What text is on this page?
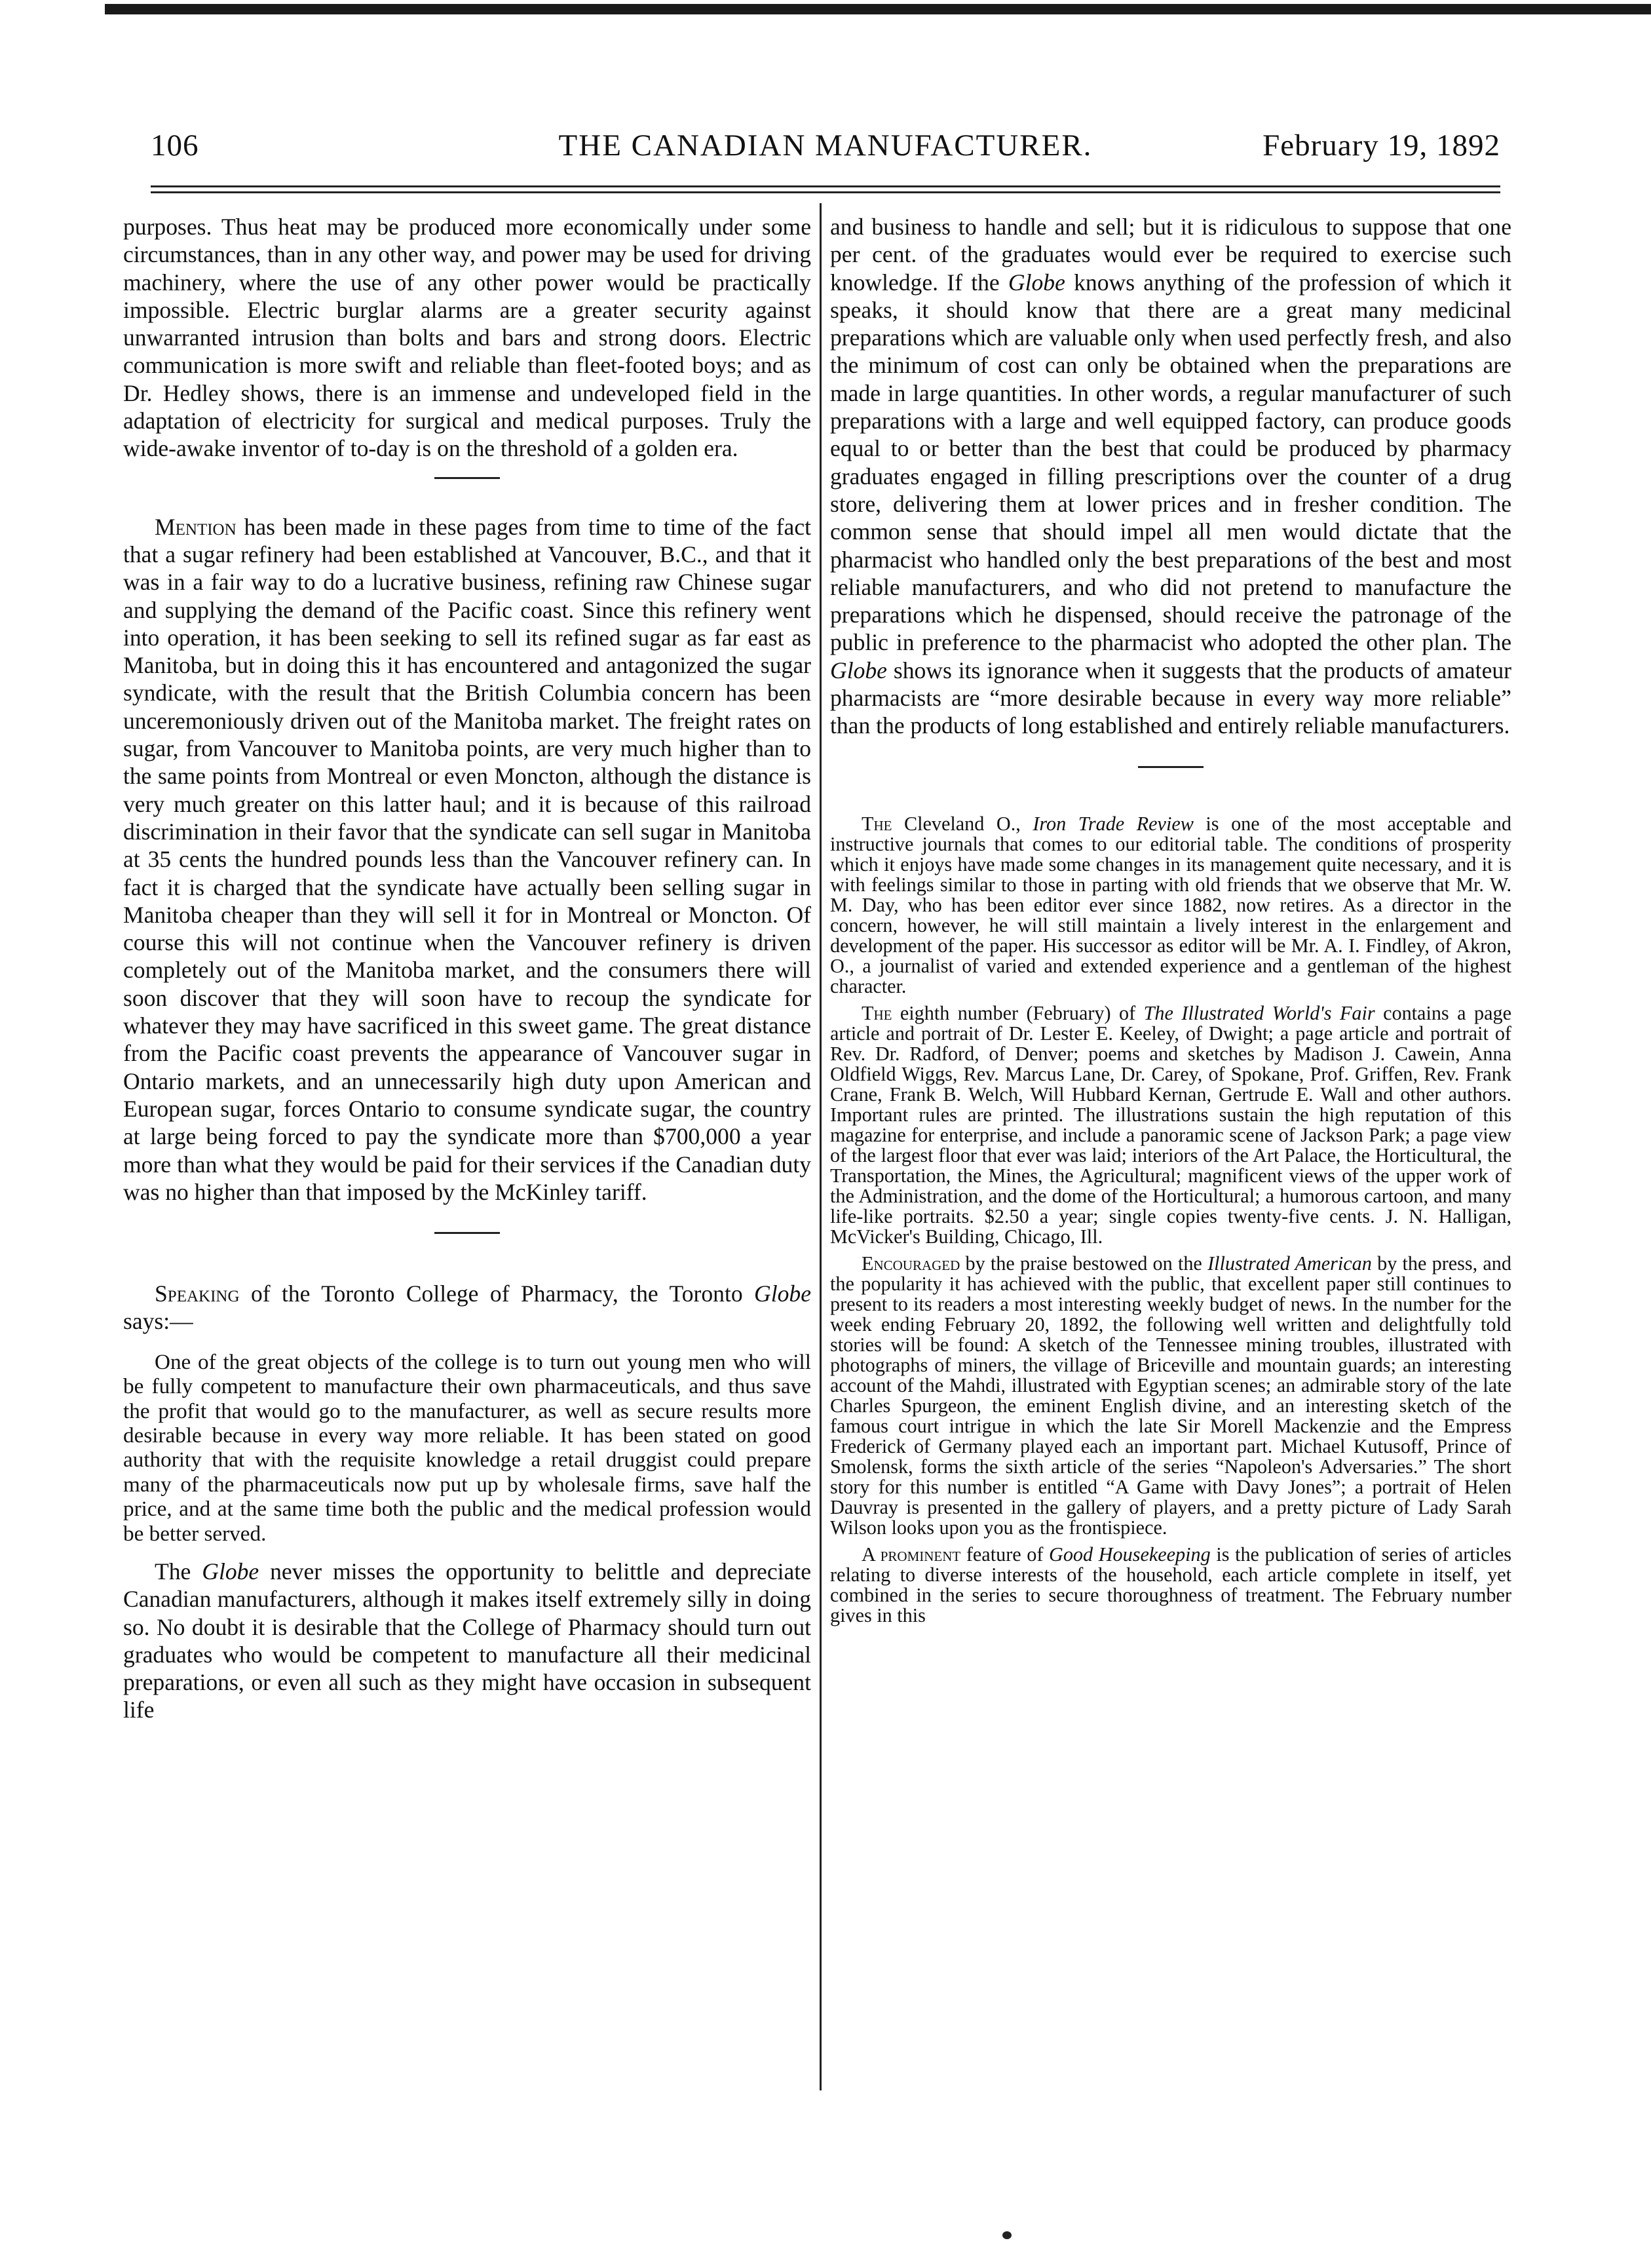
106	THE CANADIAN MANUFACTURER.	February 19, 1892

purposes. Thus heat may be produced more economically under some circumstances, than in any other way, and power may be used for driving machinery, where the use of any other power would be practically impossible. Electric burglar alarms are a greater security against unwarranted intrusion than bolts and bars and strong doors. Electric communication is more swift and reliable than fleet-footed boys; and as Dr. Hedley shows, there is an immense and undeveloped field in the adaptation of electricity for surgical and medical purposes. Truly the wide-awake inventor of to-day is on the threshold of a golden era.

Mention has been made in these pages from time to time of the fact that a sugar refinery had been established at Vancouver, B.C., and that it was in a fair way to do a lucrative business, refining raw Chinese sugar and supplying the demand of the Pacific coast. Since this refinery went into operation, it has been seeking to sell its refined sugar as far east as Manitoba, but in doing this it has encountered and antagonized the sugar syndicate, with the result that the British Columbia concern has been unceremoniously driven out of the Manitoba market. The freight rates on sugar, from Vancouver to Manitoba points, are very much higher than to the same points from Montreal or even Moncton, although the distance is very much greater on this latter haul; and it is because of this railroad discrimination in their favor that the syndicate can sell sugar in Manitoba at 35 cents the hundred pounds less than the Vancouver refinery can. In fact it is charged that the syndicate have actually been selling sugar in Manitoba cheaper than they will sell it for in Montreal or Moncton. Of course this will not continue when the Vancouver refinery is driven completely out of the Manitoba market, and the consumers there will soon discover that they will soon have to recoup the syndicate for whatever they may have sacrificed in this sweet game. The great distance from the Pacific coast prevents the appearance of Vancouver sugar in Ontario markets, and an unnecessarily high duty upon American and European sugar, forces Ontario to consume syndicate sugar, the country at large being forced to pay the syndicate more than $700,000 a year more than what they would be paid for their services if the Canadian duty was no higher than that imposed by the McKinley tariff.

Speaking of the Toronto College of Pharmacy, the Toronto Globe says:—

One of the great objects of the college is to turn out young men who will be fully competent to manufacture their own pharmaceuticals, and thus save the profit that would go to the manufacturer, as well as secure results more desirable because in every way more reliable. It has been stated on good authority that with the requisite knowledge a retail druggist could prepare many of the pharmaceuticals now put up by wholesale firms, save half the price, and at the same time both the public and the medical profession would be better served.

The Globe never misses the opportunity to belittle and depreciate Canadian manufacturers, although it makes itself extremely silly in doing so. No doubt it is desirable that the College of Pharmacy should turn out graduates who would be competent to manufacture all their medicinal preparations, or even all such as they might have occasion in subsequent life

and business to handle and sell; but it is ridiculous to suppose that one per cent. of the graduates would ever be required to exercise such knowledge. If the Globe knows anything of the profession of which it speaks, it should know that there are a great many medicinal preparations which are valuable only when used perfectly fresh, and also the minimum of cost can only be obtained when the preparations are made in large quantities. In other words, a regular manufacturer of such preparations with a large and well equipped factory, can produce goods equal to or better than the best that could be produced by pharmacy graduates engaged in filling prescriptions over the counter of a drug store, delivering them at lower prices and in fresher condition. The common sense that should impel all men would dictate that the pharmacist who handled only the best preparations of the best and most reliable manufacturers, and who did not pretend to manufacture the preparations which he dispensed, should receive the patronage of the public in preference to the pharmacist who adopted the other plan. The Globe shows its ignorance when it suggests that the products of amateur pharmacists are “more desirable because in every way more reliable” than the products of long established and entirely reliable manufacturers.

The Cleveland O., Iron Trade Review is one of the most acceptable and instructive journals that comes to our editorial table. The conditions of prosperity which it enjoys have made some changes in its management quite necessary, and it is with feelings similar to those in parting with old friends that we observe that Mr. W. M. Day, who has been editor ever since 1882, now retires. As a director in the concern, however, he will still maintain a lively interest in the enlargement and development of the paper. His successor as editor will be Mr. A. I. Findley, of Akron, O., a journalist of varied and extended experience and a gentleman of the highest character.

The eighth number (February) of The Illustrated World's Fair contains a page article and portrait of Dr. Lester E. Keeley, of Dwight; a page article and portrait of Rev. Dr. Radford, of Denver; poems and sketches by Madison J. Cawein, Anna Oldfield Wiggs, Rev. Marcus Lane, Dr. Carey, of Spokane, Prof. Griffen, Rev. Frank Crane, Frank B. Welch, Will Hubbard Kernan, Gertrude E. Wall and other authors. Important rules are printed. The illustrations sustain the high reputation of this magazine for enterprise, and include a panoramic scene of Jackson Park; a page view of the largest floor that ever was laid; interiors of the Art Palace, the Horticultural, the Transportation, the Mines, the Agricultural; magnificent views of the upper work of the Administration, and the dome of the Horticultural; a humorous cartoon, and many life-like portraits. $2.50 a year; single copies twenty-five cents. J. N. Halligan, McVicker's Building, Chicago, Ill.

Encouraged by the praise bestowed on the Illustrated American by the press, and the popularity it has achieved with the public, that excellent paper still continues to present to its readers a most interesting weekly budget of news. In the number for the week ending February 20, 1892, the following well written and delightfully told stories will be found: A sketch of the Tennessee mining troubles, illustrated with photographs of miners, the village of Briceville and mountain guards; an interesting account of the Mahdi, illustrated with Egyptian scenes; an admirable story of the late Charles Spurgeon, the eminent English divine, and an interesting sketch of the famous court intrigue in which the late Sir Morell Mackenzie and the Empress Frederick of Germany played each an important part. Michael Kutusoff, Prince of Smolensk, forms the sixth article of the series “Napoleon's Adversaries.” The short story for this number is entitled “A Game with Davy Jones”; a portrait of Helen Dauvray is presented in the gallery of players, and a pretty picture of Lady Sarah Wilson looks upon you as the frontispiece.

A prominent feature of Good Housekeeping is the publication of series of articles relating to diverse interests of the household, each article complete in itself, yet combined in the series to secure thoroughness of treatment. The February number gives in this
